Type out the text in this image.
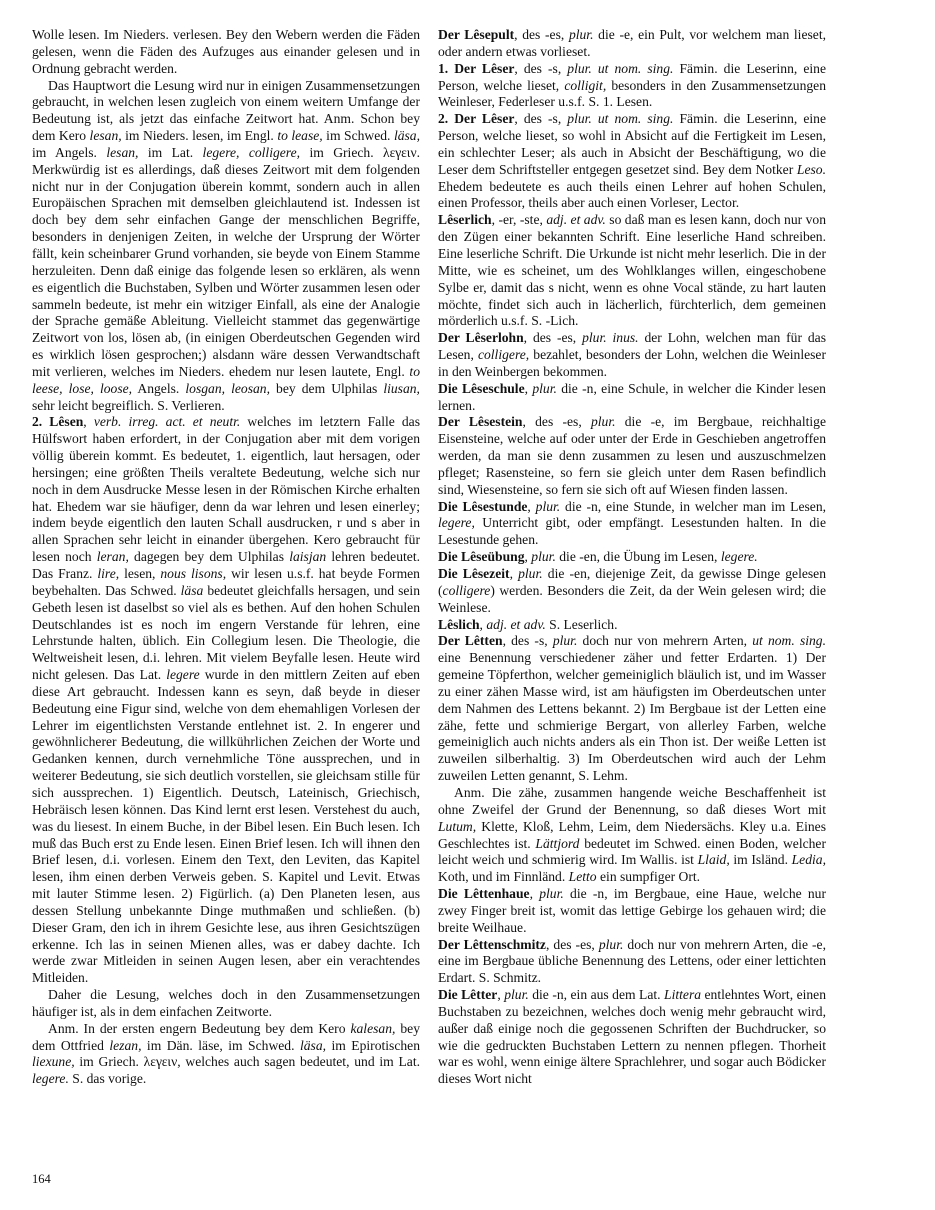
Wolle lesen. Im Nieders. verlesen. Bey den Webern werden die Fäden gelesen, wenn die Fäden des Aufzuges aus einander gelesen und in Ordnung gebracht werden.

Das Hauptwort die Lesung wird nur in einigen Zusammensetzungen gebraucht, in welchen lesen zugleich von einem weitern Umfange der Bedeutung ist, als jetzt das einfache Zeitwort hat. Anm. Schon bey dem Kero lesan, im Nieders. lesen, im Engl. to lease, im Schwed. läsa, im Angels. lesan, im Lat. legere, colligere, im Griech. λεγειν. Merkwürdig ist es allerdings, daß dieses Zeitwort mit dem folgenden nicht nur in der Conjugation überein kommt, sondern auch in allen Europäischen Sprachen mit demselben gleichlautend ist. Indessen ist doch bey dem sehr einfachen Gange der menschlichen Begriffe, besonders in denjenigen Zeiten, in welche der Ursprung der Wörter fällt, kein scheinbarer Grund vorhanden, sie beyde von Einem Stamme herzuleiten. Denn daß einige das folgende lesen so erklären, als wenn es eigentlich die Buchstaben, Sylben und Wörter zusammen lesen oder sammeln bedeute, ist mehr ein witziger Einfall, als eine der Analogie der Sprache gemäße Ableitung. Vielleicht stammet das gegenwärtige Zeitwort von los, lösen ab, (in einigen Oberdeutschen Gegenden wird es wirklich lösen gesprochen;) alsdann wäre dessen Verwandtschaft mit verlieren, welches im Nieders. ehedem nur lesen lautete, Engl. to leese, lose, loose, Angels. losgan, leosan, bey dem Ulphilas liusan, sehr leicht begreiflich. S. Verlieren.

2. Lêsen, verb. irreg. act. et neutr. welches im letztern Falle das Hülfswort haben erfordert, in der Conjugation aber mit dem vorigen völlig überein kommt. Es bedeutet, 1. eigentlich, laut hersagen, oder hersingen; eine größten Theils veraltete Bedeutung, welche sich nur noch in dem Ausdrucke Messe lesen in der Römischen Kirche erhalten hat. Ehedem war sie häufiger, denn da war lehren und lesen einerley; indem beyde eigentlich den lauten Schall ausdrucken, r und s aber in allen Sprachen sehr leicht in einander übergehen. Kero gebraucht für lesen noch leran, dagegen bey dem Ulphilas laisjan lehren bedeutet. Das Franz. lire, lesen, nous lisons, wir lesen u.s.f. hat beyde Formen beybehalten. Das Schwed. läsa bedeutet gleichfalls hersagen, und sein Gebeth lesen ist daselbst so viel als es bethen. Auf den hohen Schulen Deutschlandes ist es noch im engern Verstande für lehren, eine Lehrstunde halten, üblich. Ein Collegium lesen. Die Theologie, die Weltweisheit lesen, d.i. lehren. Mit vielem Beyfalle lesen. Heute wird nicht gelesen. Das Lat. legere wurde in den mittlern Zeiten auf eben diese Art gebraucht. Indessen kann es seyn, daß beyde in dieser Bedeutung eine Figur sind, welche von dem ehemahligen Vorlesen der Lehrer im eigentlichsten Verstande entlehnet ist. 2. In engerer und gewöhnlicherer Bedeutung, die willkührlichen Zeichen der Worte und Gedanken kennen, durch vernehmliche Töne aussprechen, und in weiterer Bedeutung, sie sich deutlich vorstellen, sie gleichsam stille für sich aussprechen. 1) Eigentlich. Deutsch, Lateinisch, Griechisch, Hebräisch lesen können. Das Kind lernt erst lesen. Verstehest du auch, was du liesest. In einem Buche, in der Bibel lesen. Ein Buch lesen. Ich muß das Buch erst zu Ende lesen. Einen Brief lesen. Ich will ihnen den Brief lesen, d.i. vorlesen. Einem den Text, den Leviten, das Kapitel lesen, ihm einen derben Verweis geben. S. Kapitel und Levit. Etwas mit lauter Stimme lesen. 2) Figürlich. (a) Den Planeten lesen, aus dessen Stellung unbekannte Dinge muthmaßen und schließen. (b) Dieser Gram, den ich in ihrem Gesichte lese, aus ihren Gesichtszügen erkenne. Ich las in seinen Mienen alles, was er dabey dachte. Ich werde zwar Mitleiden in seinen Augen lesen, aber ein verachtendes Mitleiden.

Daher die Lesung, welches doch in den Zusammensetzungen häufiger ist, als in dem einfachen Zeitworte.

Anm. In der ersten engern Bedeutung bey dem Kero kalesan, bey dem Ottfried lezan, im Dän. läse, im Schwed. läsa, im Epirotischen liexune, im Griech. λεγειν, welches auch sagen bedeutet, und im Lat. legere. S. das vorige.

Der Lêsepult, des -es, plur. die -e, ein Pult, vor welchem man lieset, oder andern etwas vorlieset.

1. Der Lêser, des -s, plur. ut nom. sing. Fämin. die Leserinn, eine Person, welche lieset, colligit, besonders in den Zusammensetzungen Weinleser, Federleser u.s.f. S. 1. Lesen.

2. Der Lêser, des -s, plur. ut nom. sing. Fämin. die Leserinn, eine Person, welche lieset, so wohl in Absicht auf die Fertigkeit im Lesen, ein schlechter Leser; als auch in Absicht der Beschäftigung, wo die Leser dem Schriftsteller entgegen gesetzet sind. Bey dem Notker Leso. Ehedem bedeutete es auch theils einen Lehrer auf hohen Schulen, einen Professor, theils aber auch einen Vorleser, Lector.

Lêserlich, -er, -ste, adj. et adv. so daß man es lesen kann, doch nur von den Zügen einer bekannten Schrift. Eine leserliche Hand schreiben. Eine leserliche Schrift. Die Urkunde ist nicht mehr leserlich. Die in der Mitte, wie es scheinet, um des Wohlklanges willen, eingeschobene Sylbe er, damit das s nicht, wenn es ohne Vocal stände, zu hart lauten möchte, findet sich auch in lächerlich, fürchterlich, dem gemeinen mörderlich u.s.f. S. -Lich.

Der Lêserlohn, des -es, plur. inus. der Lohn, welchen man für das Lesen, colligere, bezahlet, besonders der Lohn, welchen die Weinleser in den Weinbergen bekommen.

Die Lêseschule, plur. die -n, eine Schule, in welcher die Kinder lesen lernen.

Der Lêsestein, des -es, plur. die -e, im Bergbaue, reichhaltige Eisensteine, welche auf oder unter der Erde in Geschieben angetroffen werden, da man sie denn zusammen zu lesen und auszuschmelzen pfleget; Rasensteine, so fern sie gleich unter dem Rasen befindlich sind, Wiesensteine, so fern sie sich oft auf Wiesen finden lassen.

Die Lêsestunde, plur. die -n, eine Stunde, in welcher man im Lesen, legere, Unterricht gibt, oder empfängt. Lesestunden halten. In die Lesestunde gehen.

Die Lêseübung, plur. die -en, die Übung im Lesen, legere.

Die Lêsezeit, plur. die -en, diejenige Zeit, da gewisse Dinge gelesen (colligere) werden. Besonders die Zeit, da der Wein gelesen wird; die Weinlese.

Lêslich, adj. et adv. S. Leserlich.

Der Lêtten, des -s, plur. doch nur von mehrern Arten, ut nom. sing. eine Benennung verschiedener zäher und fetter Erdarten. 1) Der gemeine Töpferthon, welcher gemeiniglich bläulich ist, und im Wasser zu einer zähen Masse wird, ist am häufigsten im Oberdeutschen unter dem Nahmen des Lettens bekannt. 2) Im Bergbaue ist der Letten eine zähe, fette und schmierige Bergart, von allerley Farben, welche gemeiniglich auch nichts anders als ein Thon ist. Der weiße Letten ist zuweilen silberhaltig. 3) Im Oberdeutschen wird auch der Lehm zuweilen Letten genannt, S. Lehm.

Anm. Die zähe, zusammen hangende weiche Beschaffenheit ist ohne Zweifel der Grund der Benennung, so daß dieses Wort mit Lutum, Klette, Kloß, Lehm, Leim, dem Niedersächs. Kley u.a. Eines Geschlechtes ist. Lättjord bedeutet im Schwed. einen Boden, welcher leicht weich und schmierig wird. Im Wallis. ist Llaid, im Isländ. Ledia, Koth, und im Finnländ. Letto ein sumpfiger Ort.

Die Lêttenhaue, plur. die -n, im Bergbaue, eine Haue, welche nur zwey Finger breit ist, womit das lettige Gebirge los gehauen wird; die breite Weilhaue.

Der Lêttenschmitz, des -es, plur. doch nur von mehrern Arten, die -e, eine im Bergbaue übliche Benennung des Lettens, oder einer lettichten Erdart. S. Schmitz.

Die Lêtter, plur. die -n, ein aus dem Lat. Littera entlehntes Wort, einen Buchstaben zu bezeichnen, welches doch wenig mehr gebraucht wird, außer daß einige noch die gegossenen Schriften der Buchdrucker, so wie die gedruckten Buchstaben Lettern zu nennen pflegen. Thorheit war es wohl, wenn einige ältere Sprachlehrer, und sogar auch Bödicker dieses Wort nicht

164
